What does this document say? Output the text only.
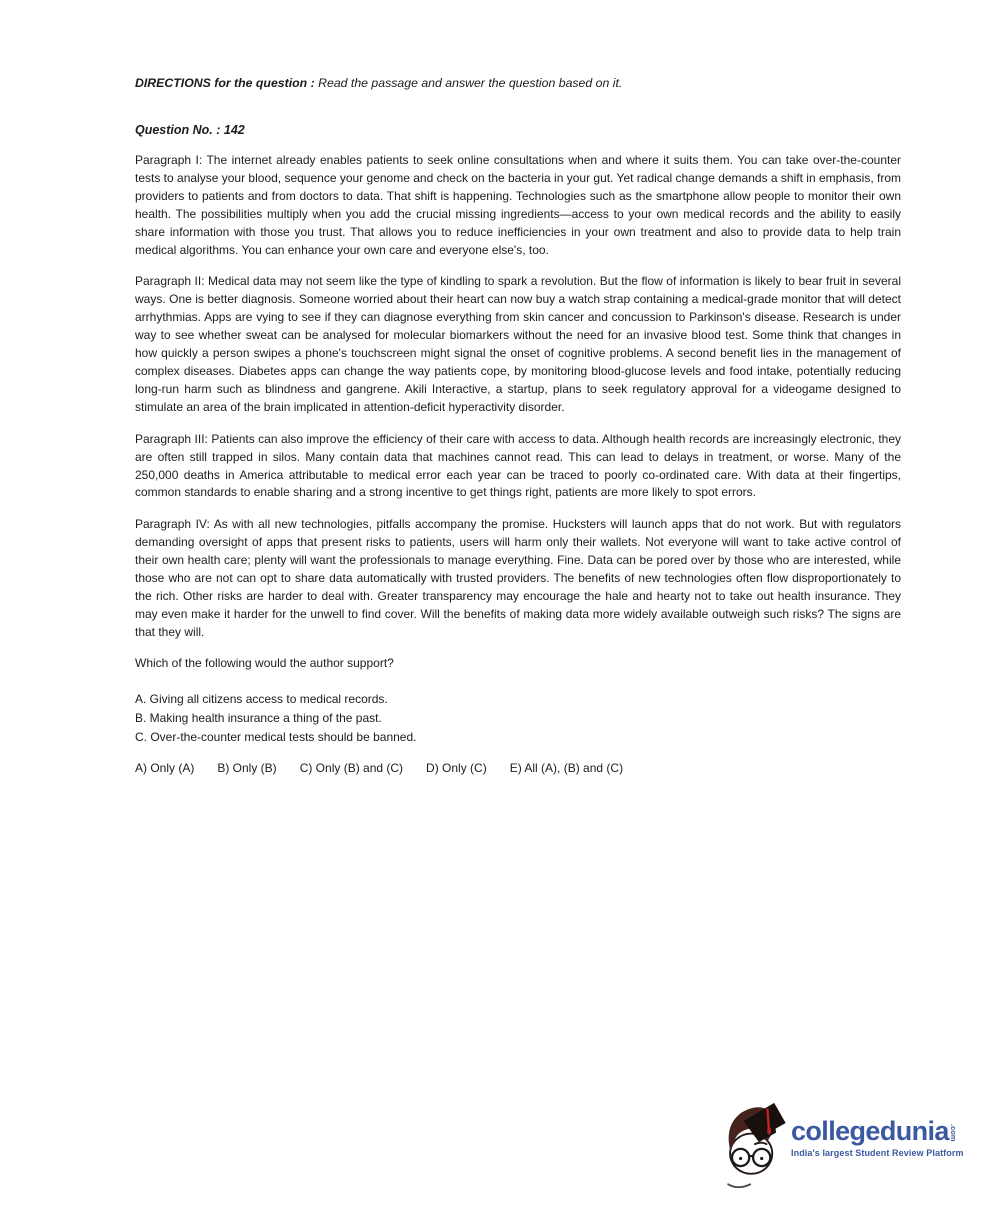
DIRECTIONS for the question : Read the passage and answer the question based on it.

Question No. : 142

Paragraph I: The internet already enables patients to seek online consultations when and where it suits them. You can take over-the-counter tests to analyse your blood, sequence your genome and check on the bacteria in your gut. Yet radical change demands a shift in emphasis, from providers to patients and from doctors to data. That shift is happening. Technologies such as the smartphone allow people to monitor their own health. The possibilities multiply when you add the crucial missing ingredients—access to your own medical records and the ability to easily share information with those you trust. That allows you to reduce inefficiencies in your own treatment and also to provide data to help train medical algorithms. You can enhance your own care and everyone else's, too.

Paragraph II: Medical data may not seem like the type of kindling to spark a revolution. But the flow of information is likely to bear fruit in several ways. One is better diagnosis. Someone worried about their heart can now buy a watch strap containing a medical-grade monitor that will detect arrhythmias. Apps are vying to see if they can diagnose everything from skin cancer and concussion to Parkinson's disease. Research is under way to see whether sweat can be analysed for molecular biomarkers without the need for an invasive blood test. Some think that changes in how quickly a person swipes a phone's touchscreen might signal the onset of cognitive problems. A second benefit lies in the management of complex diseases. Diabetes apps can change the way patients cope, by monitoring blood-glucose levels and food intake, potentially reducing long-run harm such as blindness and gangrene. Akili Interactive, a startup, plans to seek regulatory approval for a videogame designed to stimulate an area of the brain implicated in attention-deficit hyperactivity disorder.

Paragraph III: Patients can also improve the efficiency of their care with access to data. Although health records are increasingly electronic, they are often still trapped in silos. Many contain data that machines cannot read. This can lead to delays in treatment, or worse. Many of the 250,000 deaths in America attributable to medical error each year can be traced to poorly co-ordinated care. With data at their fingertips, common standards to enable sharing and a strong incentive to get things right, patients are more likely to spot errors.

Paragraph IV: As with all new technologies, pitfalls accompany the promise. Hucksters will launch apps that do not work. But with regulators demanding oversight of apps that present risks to patients, users will harm only their wallets. Not everyone will want to take active control of their own health care; plenty will want the professionals to manage everything. Fine. Data can be pored over by those who are interested, while those who are not can opt to share data automatically with trusted providers. The benefits of new technologies often flow disproportionately to the rich. Other risks are harder to deal with. Greater transparency may encourage the hale and hearty not to take out health insurance. They may even make it harder for the unwell to find cover. Will the benefits of making data more widely available outweigh such risks? The signs are that they will.

Which of the following would the author support?

A. Giving all citizens access to medical records.
B. Making health insurance a thing of the past.
C. Over-the-counter medical tests should be banned.
A) Only (A) B) Only (B) C) Only (B) and (C) D) Only (C) E) All (A), (B) and (C)
collegedunia .com
India's largest Student Review Platform
